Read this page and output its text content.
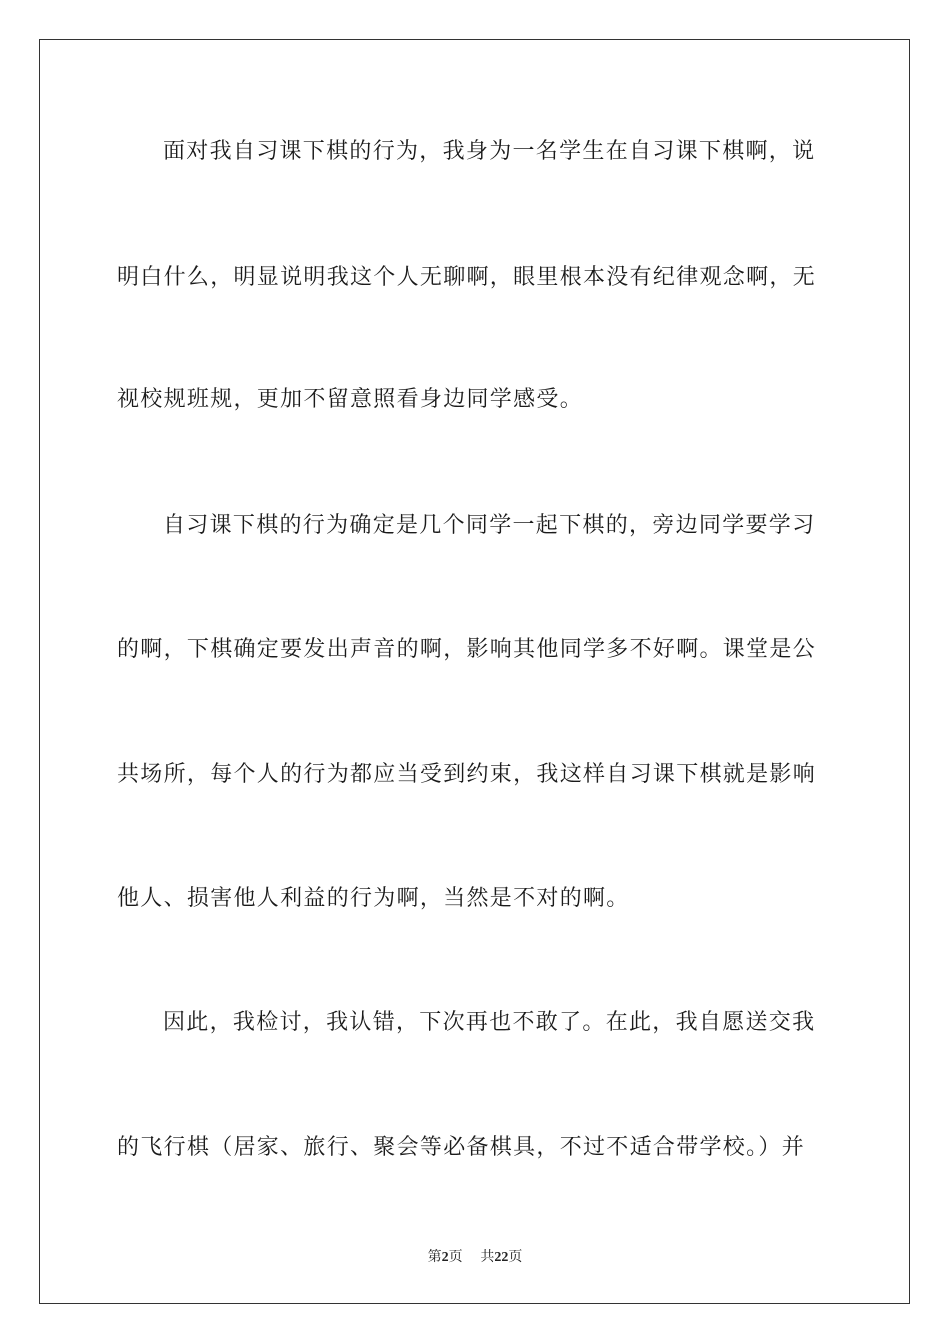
面对我自习课下棋的行为，我身为一名学生在自习课下棋啊，说

明白什么，明显说明我这个人无聊啊，眼里根本没有纪律观念啊，无

视校规班规，更加不留意照看身边同学感受。

自习课下棋的行为确定是几个同学一起下棋的，旁边同学要学习

的啊，下棋确定要发出声音的啊，影响其他同学多不好啊。课堂是公

共场所，每个人的行为都应当受到约束，我这样自习课下棋就是影响

他人、损害他人利益的行为啊，当然是不对的啊。

因此，我检讨，我认错，下次再也不敢了。在此，我自愿送交我

的飞行棋（居家、旅行、聚会等必备棋具，不过不适合带学校。）并

第2页 共22页
